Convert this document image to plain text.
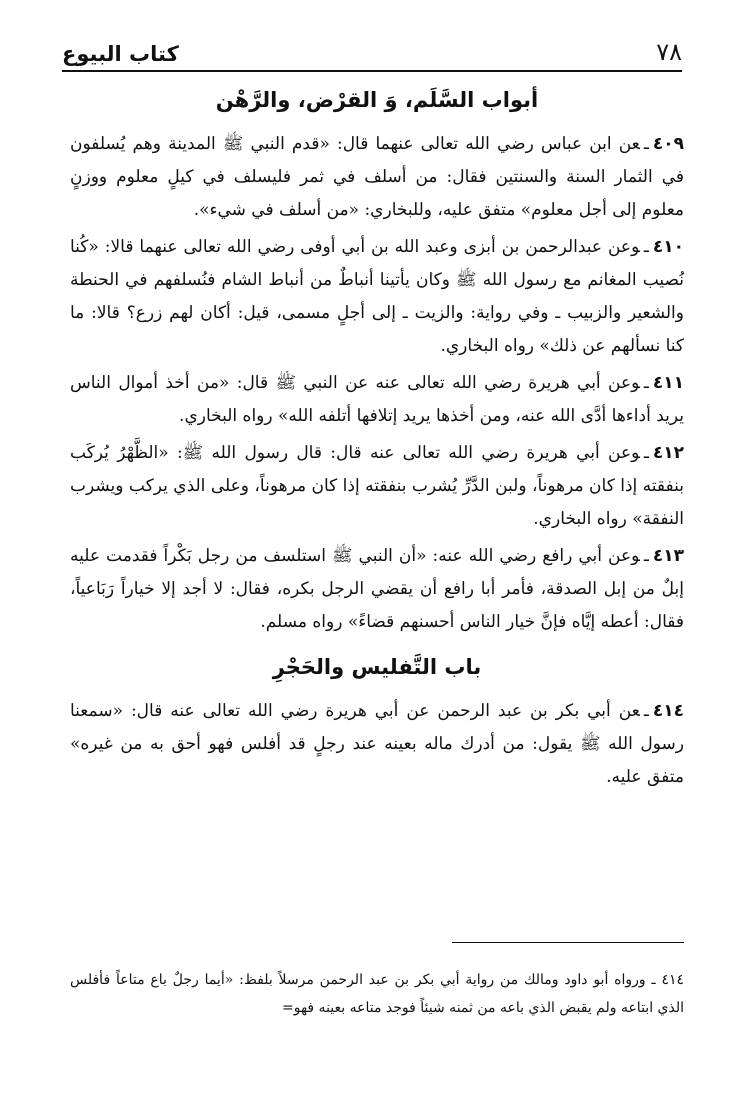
٧٨
كتاب البيوع
أبواب السَّلَم، وَ القرْض، والرَّهْن

٤٠٩ـعن ابن عباس رضي الله تعالى عنهما قال: «قدم النبي ﷺ المدينة وهم يُسلفون في الثمار السنة والسنتين فقال: من أسلف في ثمر فليسلف في كيلٍ معلوم ووزنٍ معلوم إلى أجل معلوم» متفق عليه، وللبخاري: «من أسلف في شيء».

٤١٠ـوعن عبدالرحمن بن أبزى وعبد الله بن أبي أوفى رضي الله تعالى عنهما قالا: «كُنا نُصيب المغانم مع رسول الله ﷺ وكان يأتينا أنباطٌ من أنباط الشام فنُسلفهم في الحنطة والشعير والزبيب ـ وفي رواية: والزيت ـ إلى أجلٍ مسمى، قيل: أكان لهم زرع؟ قالا: ما كنا نسألهم عن ذلك» رواه البخاري.

٤١١ـوعن أبي هريرة رضي الله تعالى عنه عن النبي ﷺ قال: «من أخذ أموال الناس يريد أداءها أدَّى الله عنه، ومن أخذها يريد إتلافها أتلفه الله» رواه البخاري.

٤١٢ـوعن أبي هريرة رضي الله تعالى عنه قال: قال رسول الله ﷺ: «الظَّهْرُ يُركَب بنفقته إذا كان مرهوناً، ولبن الدَّرِّ يُشرب بنفقته إذا كان مرهوناً، وعلى الذي يركب ويشرب النفقة» رواه البخاري.

٤١٣ـوعن أبي رافع رضي الله عنه: «أن النبي ﷺ استلسف من رجل بَكْراً فقدمت عليه إبلٌ من إبل الصدقة، فأمر أبا رافع أن يقضي الرجل بكره، فقال: لا أجد إلا خياراً رَبَاعياً، فقال: أعطه إيَّاه فإنَّ خيار الناس أحسنهم قضاءً» رواه مسلم.

باب التَّفليس والحَجْرِ

٤١٤ـعن أبي بكر بن عبد الرحمن عن أبي هريرة رضي الله تعالى عنه قال: «سمعنا رسول الله ﷺ يقول: من أدرك ماله بعينه عند رجلٍ قد أفلس فهو أحق به من غيره» متفق عليه.

٤١٤ ـ ورواه أبو داود ومالك من رواية أبي بكر بن عبد الرحمن مرسلاً بلفظ: «أيما رجلٌ باع متاعاً فأفلس الذي ابتاعه ولم يقبض الذي باعه من ثمنه شيئاً فوجد متاعه بعينه فهو=
